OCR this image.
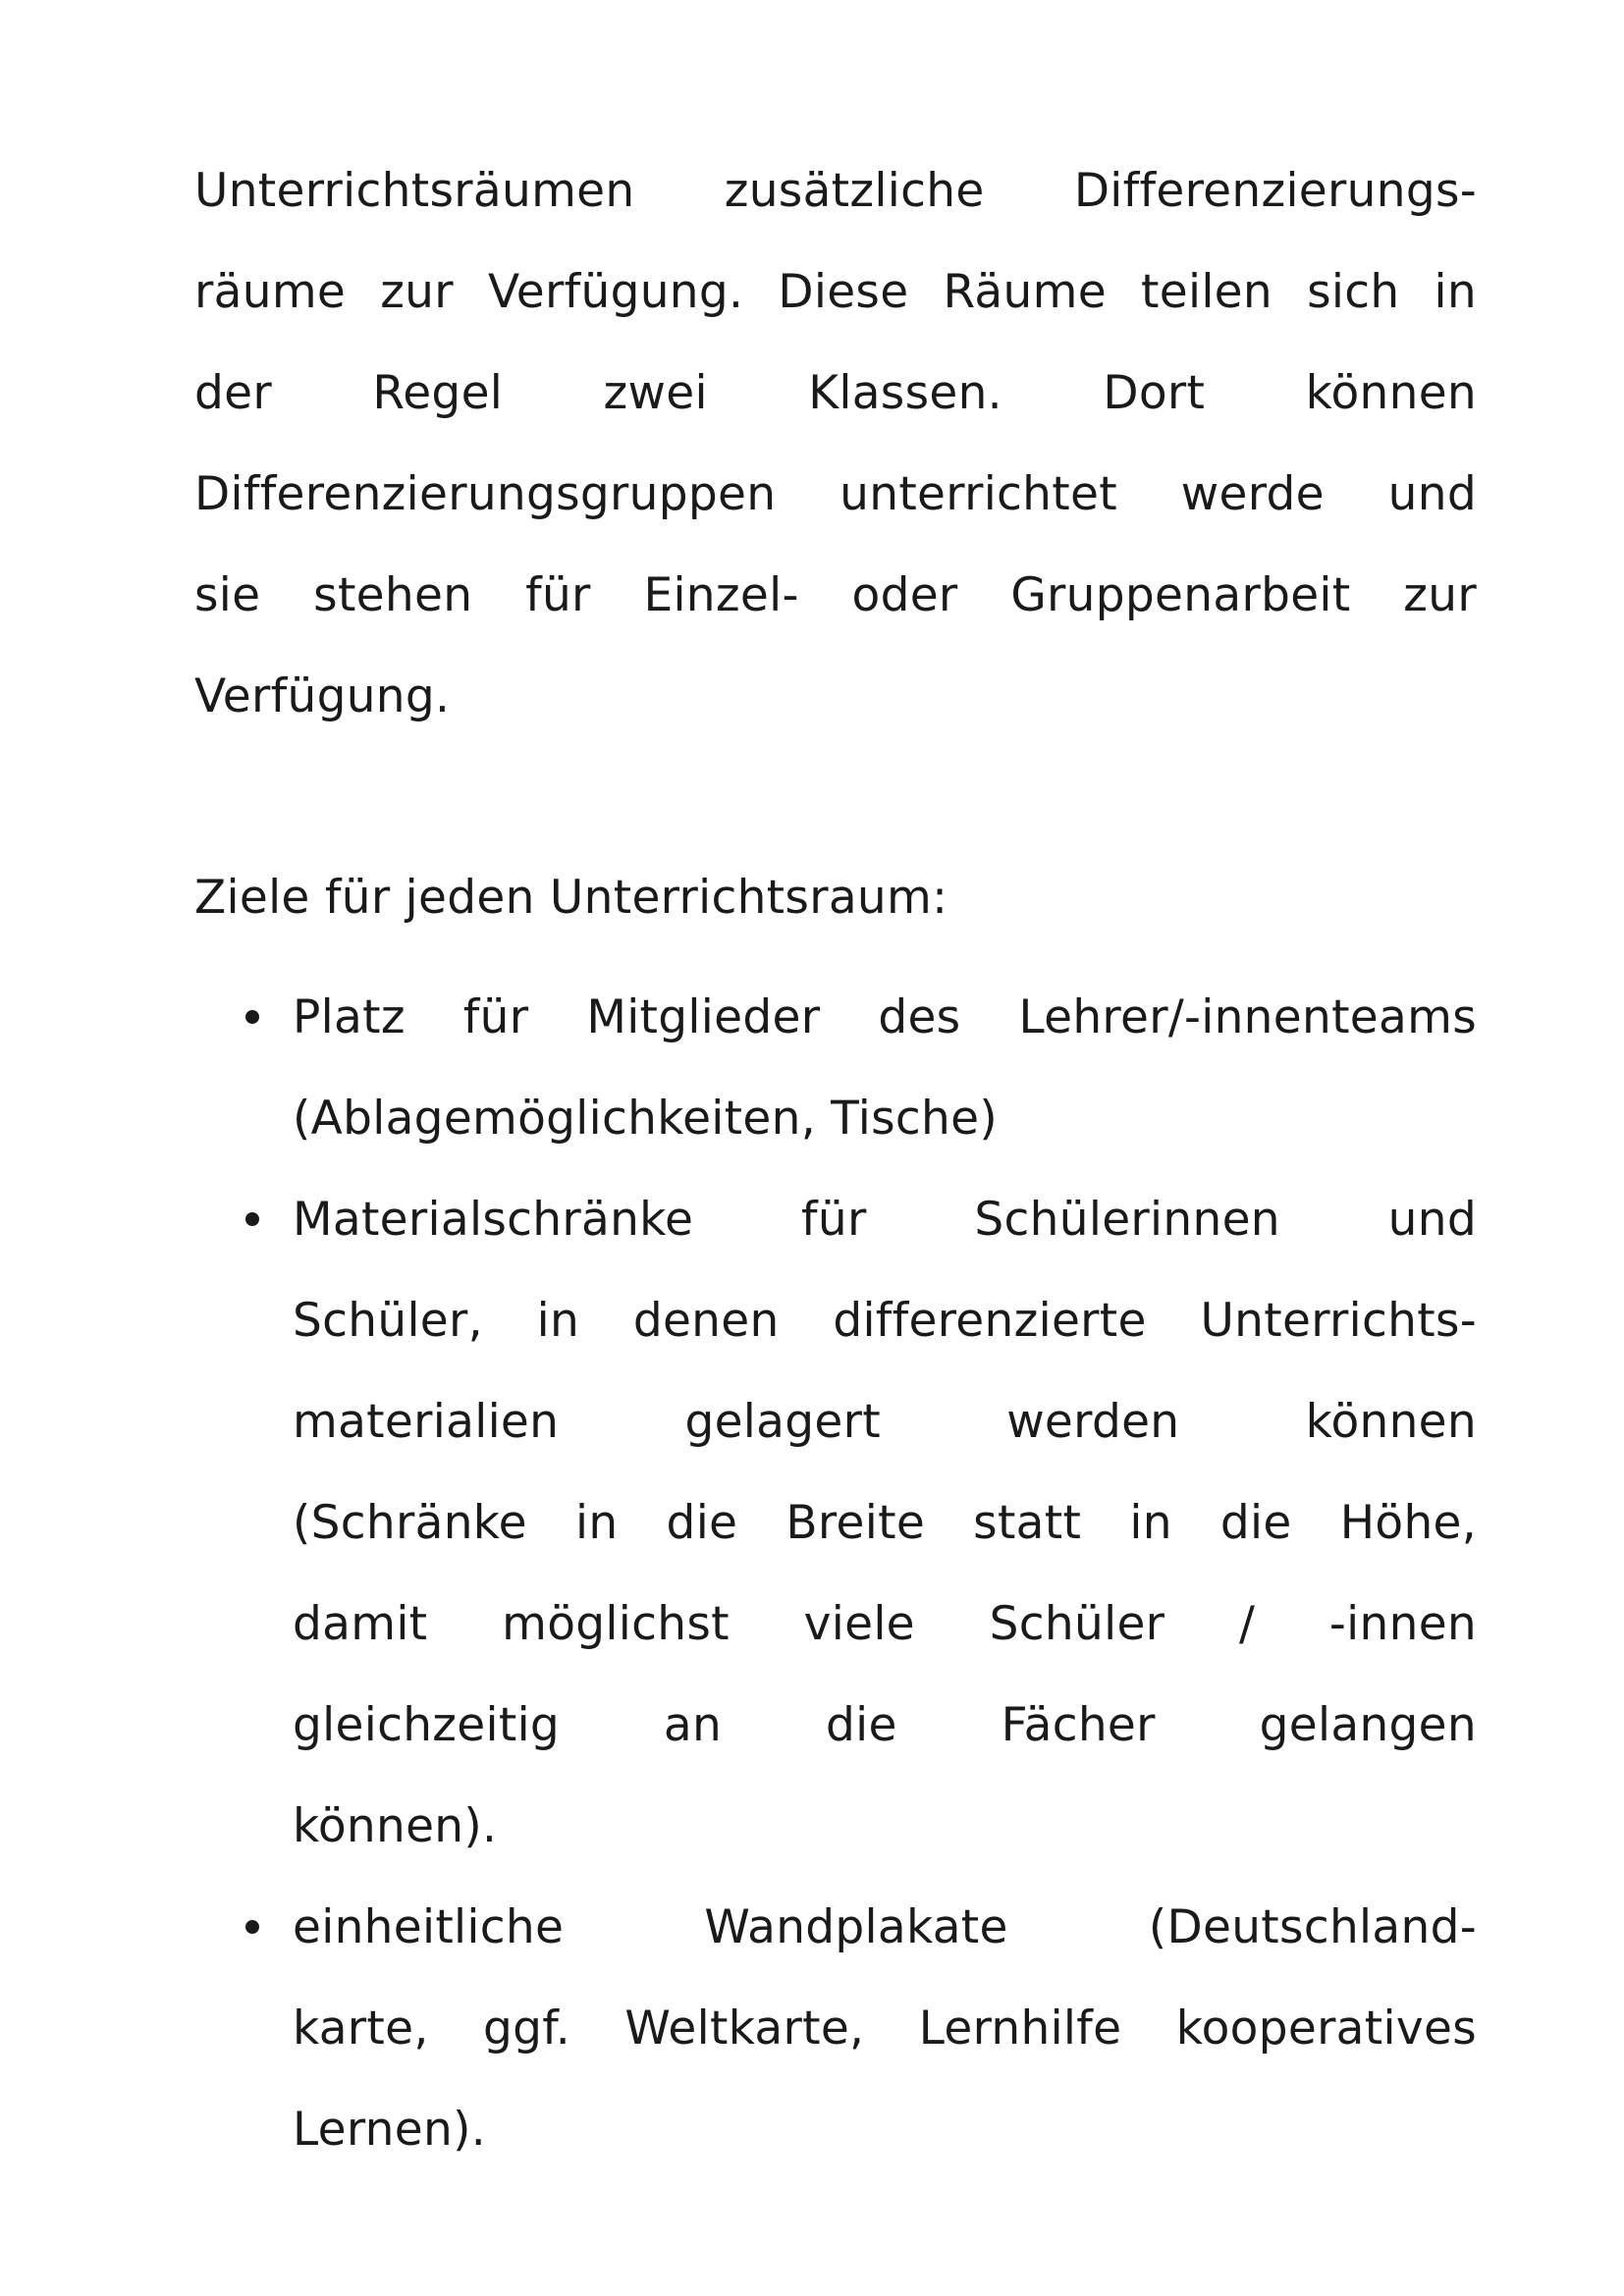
Unterrichtsräumen zusätzliche Differenzierungs-
räume zur Verfügung. Diese Räume teilen sich in
der Regel zwei Klassen. Dort können
Differenzierungsgruppen unterrichtet werde und
sie stehen für Einzel- oder Gruppenarbeit zur
Verfügung.

Ziele für jeden Unterrichtsraum:

Platz für Mitglieder des Lehrer/-innenteams
(Ablagemöglichkeiten, Tische)
Materialschränke für Schülerinnen und
Schüler, in denen differenzierte Unterrichts-
materialien gelagert werden können
(Schränke in die Breite statt in die Höhe,
damit möglichst viele Schüler / -innen
gleichzeitig an die Fächer gelangen
können).
einheitliche Wandplakate (Deutschland-
karte, ggf. Weltkarte, Lernhilfe kooperatives
Lernen).
